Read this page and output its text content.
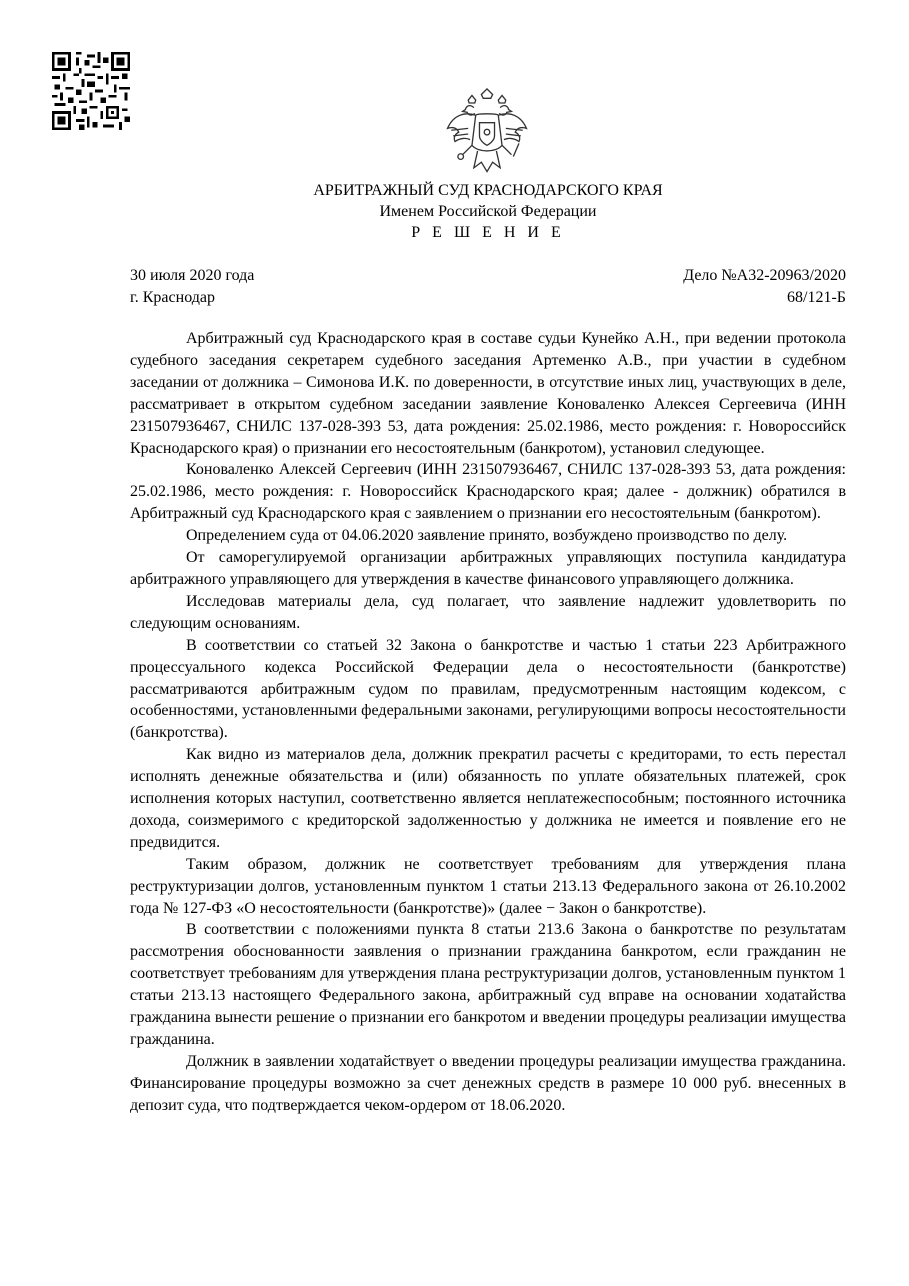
АРБИТРАЖНЫЙ СУД КРАСНОДАРСКОГО КРАЯ
Именем Российской Федерации
Р Е Ш Е Н И Е
30 июля 2020 года	Дело №А32-20963/2020
г. Краснодар	68/121-Б

Арбитражный суд Краснодарского края в составе судьи Кунейко А.Н., при ведении протокола судебного заседания секретарем судебного заседания Артеменко А.В., при участии в судебном заседании от должника – Симонова И.К. по доверенности, в отсутствие иных лиц, участвующих в деле, рассматривает в открытом судебном заседании заявление Коноваленко Алексея Сергеевича (ИНН 231507936467, СНИЛС 137-028-393 53, дата рождения: 25.02.1986, место рождения: г. Новороссийск Краснодарского края) о признании его несостоятельным (банкротом), установил следующее.

Коноваленко Алексей Сергеевич (ИНН 231507936467, СНИЛС 137-028-393 53, дата рождения: 25.02.1986, место рождения: г. Новороссийск Краснодарского края; далее - должник) обратился в Арбитражный суд Краснодарского края с заявлением о признании его несостоятельным (банкротом).

Определением суда от 04.06.2020 заявление принято, возбуждено производство по делу.

От саморегулируемой организации арбитражных управляющих поступила кандидатура арбитражного управляющего для утверждения в качестве финансового управляющего должника.

Исследовав материалы дела, суд полагает, что заявление надлежит удовлетворить по следующим основаниям.

В соответствии со статьей 32 Закона о банкротстве и частью 1 статьи 223 Арбитражного процессуального кодекса Российской Федерации дела о несостоятельности (банкротстве) рассматриваются арбитражным судом по правилам, предусмотренным настоящим кодексом, с особенностями, установленными федеральными законами, регулирующими вопросы несостоятельности (банкротства).

Как видно из материалов дела, должник прекратил расчеты с кредиторами, то есть перестал исполнять денежные обязательства и (или) обязанность по уплате обязательных платежей, срок исполнения которых наступил, соответственно является неплатежеспособным; постоянного источника дохода, соизмеримого с кредиторской задолженностью у должника не имеется и появление его не предвидится.

Таким образом, должник не соответствует требованиям для утверждения плана реструктуризации долгов, установленным пунктом 1 статьи 213.13 Федерального закона от 26.10.2002 года № 127-ФЗ «О несостоятельности (банкротстве)» (далее − Закон о банкротстве).

В соответствии с положениями пункта 8 статьи 213.6 Закона о банкротстве по результатам рассмотрения обоснованности заявления о признании гражданина банкротом, если гражданин не соответствует требованиям для утверждения плана реструктуризации долгов, установленным пунктом 1 статьи 213.13 настоящего Федерального закона, арбитражный суд вправе на основании ходатайства гражданина вынести решение о признании его банкротом и введении процедуры реализации имущества гражданина.

Должник в заявлении ходатайствует о введении процедуры реализации имущества гражданина. Финансирование процедуры возможно за счет денежных средств в размере 10 000 руб. внесенных в депозит суда, что подтверждается чеком-ордером от 18.06.2020.
